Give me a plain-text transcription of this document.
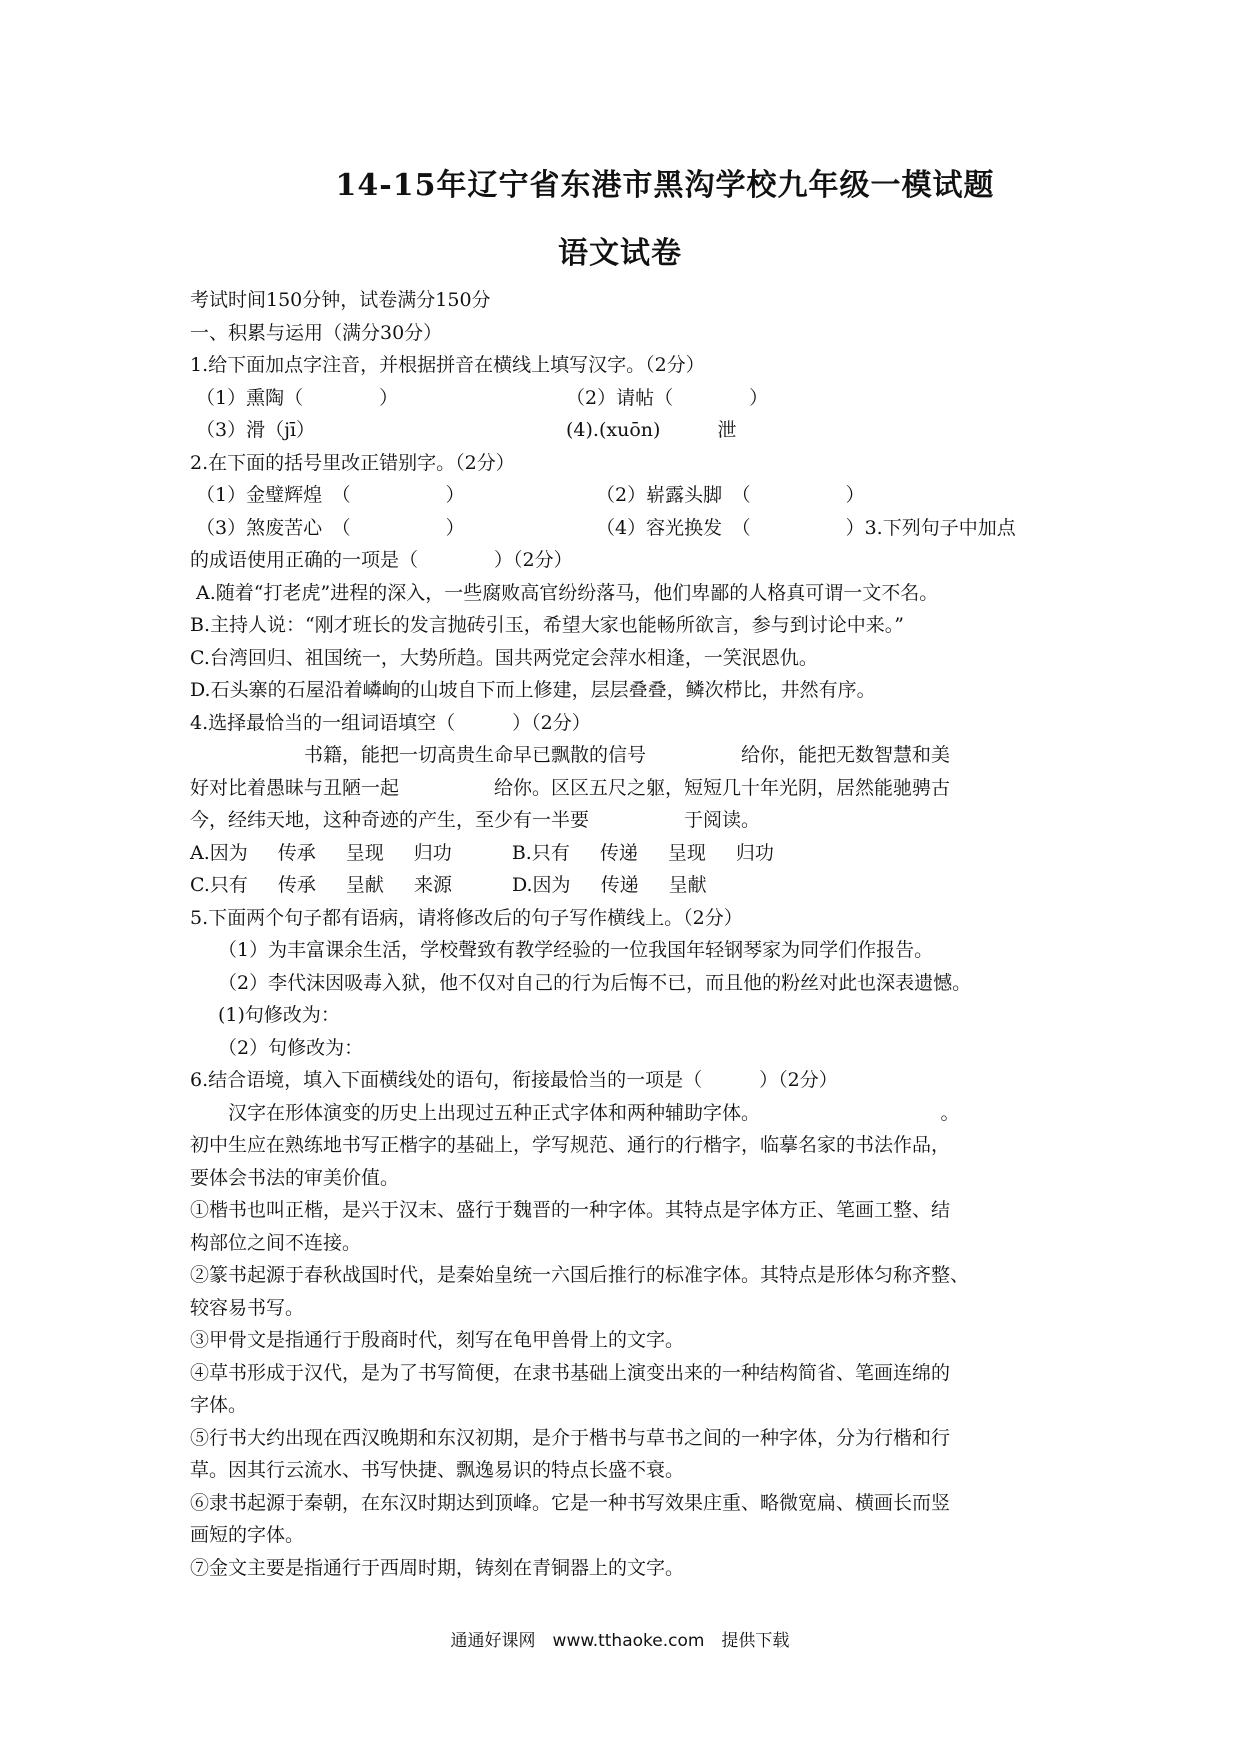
14-15年辽宁省东港市黑沟学校九年级一模试题
语文试卷
考试时间150分钟，试卷满分150分
一、积累与运用（满分30分）
1.给下面加点字注音，并根据拼音在横线上填写汉字。（2分）
（1）熏陶（　　　　）	（2）请帖（　　　　）
（3）滑（jī）	(4).(xuōn)　　　泄
2.在下面的括号里改正错别字。（2分）
（1）金璧辉煌　（　　　　　）	（2）崭露头脚　（　　　　　）
（3）煞废苦心　（　　　　　）	（4）容光换发　（　　　　　）3.下列句子中加点
的成语使用正确的一项是（　　　　）（2分）
A.随着“打老虎”进程的深入，一些腐败高官纷纷落马，他们卑鄙的人格真可谓一文不名。
B.主持人说：“刚才班长的发言抛砖引玉，希望大家也能畅所欲言，参与到讨论中来。”
C.台湾回归、祖国统一，大势所趋。国共两党定会萍水相逢，一笑泯恩仇。
D.石头寨的石屋沿着嶙峋的山坡自下而上修建，层层叠叠，鳞次栉比，井然有序。
4.选择最恰当的一组词语填空（　　　）（2分）
　　　　　　书籍，能把一切高贵生命早已飘散的信号　　　　　给你，能把无数智慧和美
好对比着愚昧与丑陋一起　　　　　给你。区区五尺之躯，短短几十年光阴，居然能驰骋古
今，经纬天地，这种奇迹的产生，至少有一半要　　　　　于阅读。
A.因为 传承 呈现 归功	B.只有 传递 呈现 归功
C.只有 传承 呈献 来源	D.因为 传递 呈献
5.下面两个句子都有语病，请将修改后的句子写作横线上。（2分）
（1）为丰富课余生活，学校聲致有教学经验的一位我国年轻钢琴家为同学们作报告。
（2）李代沫因吸毒入狱，他不仅对自己的行为后悔不已，而且他的粉丝对此也深表遗憾。
(1)句修改为：
（2）句修改为：
6.结合语境，填入下面横线处的语句，衔接最恰当的一项是（　　　）（2分）
　　汉字在形体演变的历史上出现过五种正式字体和两种辅助字体。　　　　　　　　　　。
初中生应在熟练地书写正楷字的基础上，学写规范、通行的行楷字，临摹名家的书法作品，
要体会书法的审美价值。
①楷书也叫正楷，是兴于汉末、盛行于魏晋的一种字体。其特点是字体方正、笔画工整、结
构部位之间不连接。
②篆书起源于春秋战国时代，是秦始皇统一六国后推行的标准字体。其特点是形体匀称齐整、
较容易书写。
③甲骨文是指通行于殷商时代，刻写在龟甲兽骨上的文字。
④草书形成于汉代，是为了书写简便，在隶书基础上演变出来的一种结构简省、笔画连绵的
字体。
⑤行书大约出现在西汉晚期和东汉初期，是介于楷书与草书之间的一种字体，分为行楷和行
草。因其行云流水、书写快捷、飘逸易识的特点长盛不衰。
⑥隶书起源于秦朝，在东汉时期达到顶峰。它是一种书写效果庄重、略微宽扁、横画长而竖
画短的字体。
⑦金文主要是指通行于西周时期，铸刻在青铜器上的文字。
通通好课网　www.tthaoke.com　提供下载
